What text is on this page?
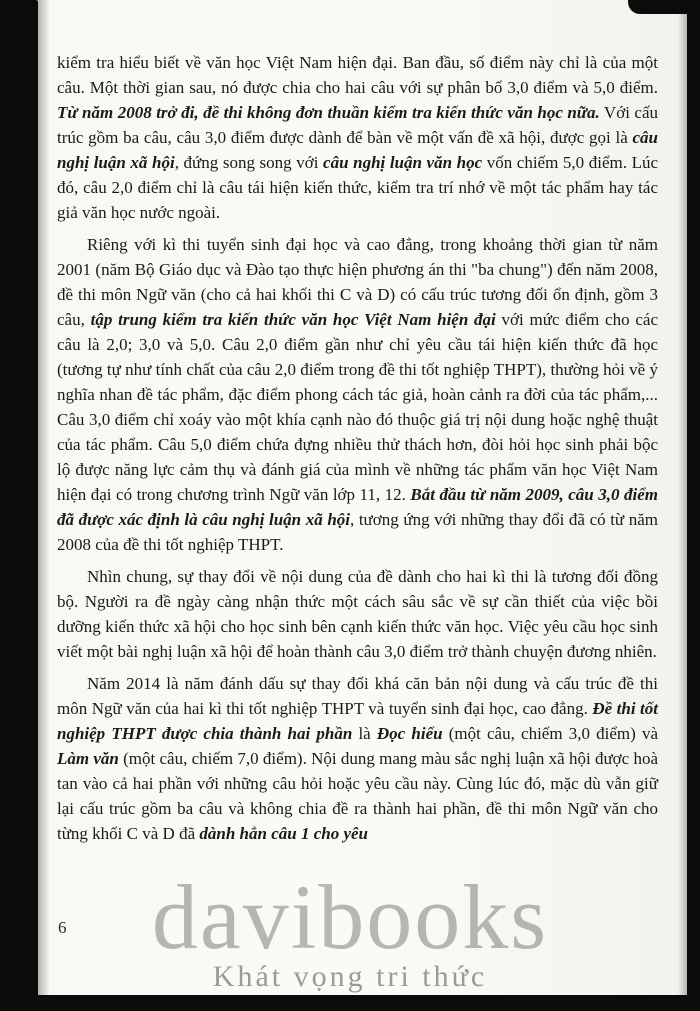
kiểm tra hiểu biết về văn học Việt Nam hiện đại. Ban đầu, số điểm này chỉ là của một câu. Một thời gian sau, nó được chia cho hai câu với sự phân bố 3,0 điểm và 5,0 điểm. Từ năm 2008 trở đi, đề thi không đơn thuần kiểm tra kiến thức văn học nữa. Với cấu trúc gồm ba câu, câu 3,0 điểm được dành để bàn về một vấn đề xã hội, được gọi là câu nghị luận xã hội, đứng song song với câu nghị luận văn học vốn chiếm 5,0 điểm. Lúc đó, câu 2,0 điểm chỉ là câu tái hiện kiến thức, kiểm tra trí nhớ về một tác phẩm hay tác giả văn học nước ngoài.

Riêng với kì thi tuyển sinh đại học và cao đẳng, trong khoảng thời gian từ năm 2001 (năm Bộ Giáo dục và Đào tạo thực hiện phương án thi "ba chung") đến năm 2008, đề thi môn Ngữ văn (cho cả hai khối thi C và D) có cấu trúc tương đối ổn định, gồm 3 câu, tập trung kiểm tra kiến thức văn học Việt Nam hiện đại với mức điểm cho các câu là 2,0; 3,0 và 5,0. Câu 2,0 điểm gần như chỉ yêu cầu tái hiện kiến thức đã học (tương tự như tính chất của câu 2,0 điểm trong đề thi tốt nghiệp THPT), thường hỏi về ý nghĩa nhan đề tác phẩm, đặc điểm phong cách tác giả, hoàn cảnh ra đời của tác phẩm,... Câu 3,0 điểm chỉ xoáy vào một khía cạnh nào đó thuộc giá trị nội dung hoặc nghệ thuật của tác phẩm. Câu 5,0 điểm chứa đựng nhiều thử thách hơn, đòi hỏi học sinh phải bộc lộ được năng lực cảm thụ và đánh giá của mình về những tác phẩm văn học Việt Nam hiện đại có trong chương trình Ngữ văn lớp 11, 12. Bắt đầu từ năm 2009, câu 3,0 điểm đã được xác định là câu nghị luận xã hội, tương ứng với những thay đổi đã có từ năm 2008 của đề thi tốt nghiệp THPT.

Nhìn chung, sự thay đổi về nội dung của đề dành cho hai kì thi là tương đối đồng bộ. Người ra đề ngày càng nhận thức một cách sâu sắc về sự cần thiết của việc bồi dưỡng kiến thức xã hội cho học sinh bên cạnh kiến thức văn học. Việc yêu cầu học sinh viết một bài nghị luận xã hội để hoàn thành câu 3,0 điểm trở thành chuyện đương nhiên.

Năm 2014 là năm đánh dấu sự thay đổi khá căn bản nội dung và cấu trúc đề thi môn Ngữ văn của hai kì thi tốt nghiệp THPT và tuyển sinh đại học, cao đẳng. Đề thi tốt nghiệp THPT được chia thành hai phần là Đọc hiểu (một câu, chiếm 3,0 điểm) và Làm văn (một câu, chiếm 7,0 điểm). Nội dung mang màu sắc nghị luận xã hội được hoà tan vào cả hai phần với những câu hỏi hoặc yêu cầu này. Cùng lúc đó, mặc dù vẫn giữ lại cấu trúc gồm ba câu và không chia đề ra thành hai phần, đề thi môn Ngữ văn cho từng khối C và D đã dành hẳn câu 1 cho yêu

6 davibooks
Khát vọng tri thức
